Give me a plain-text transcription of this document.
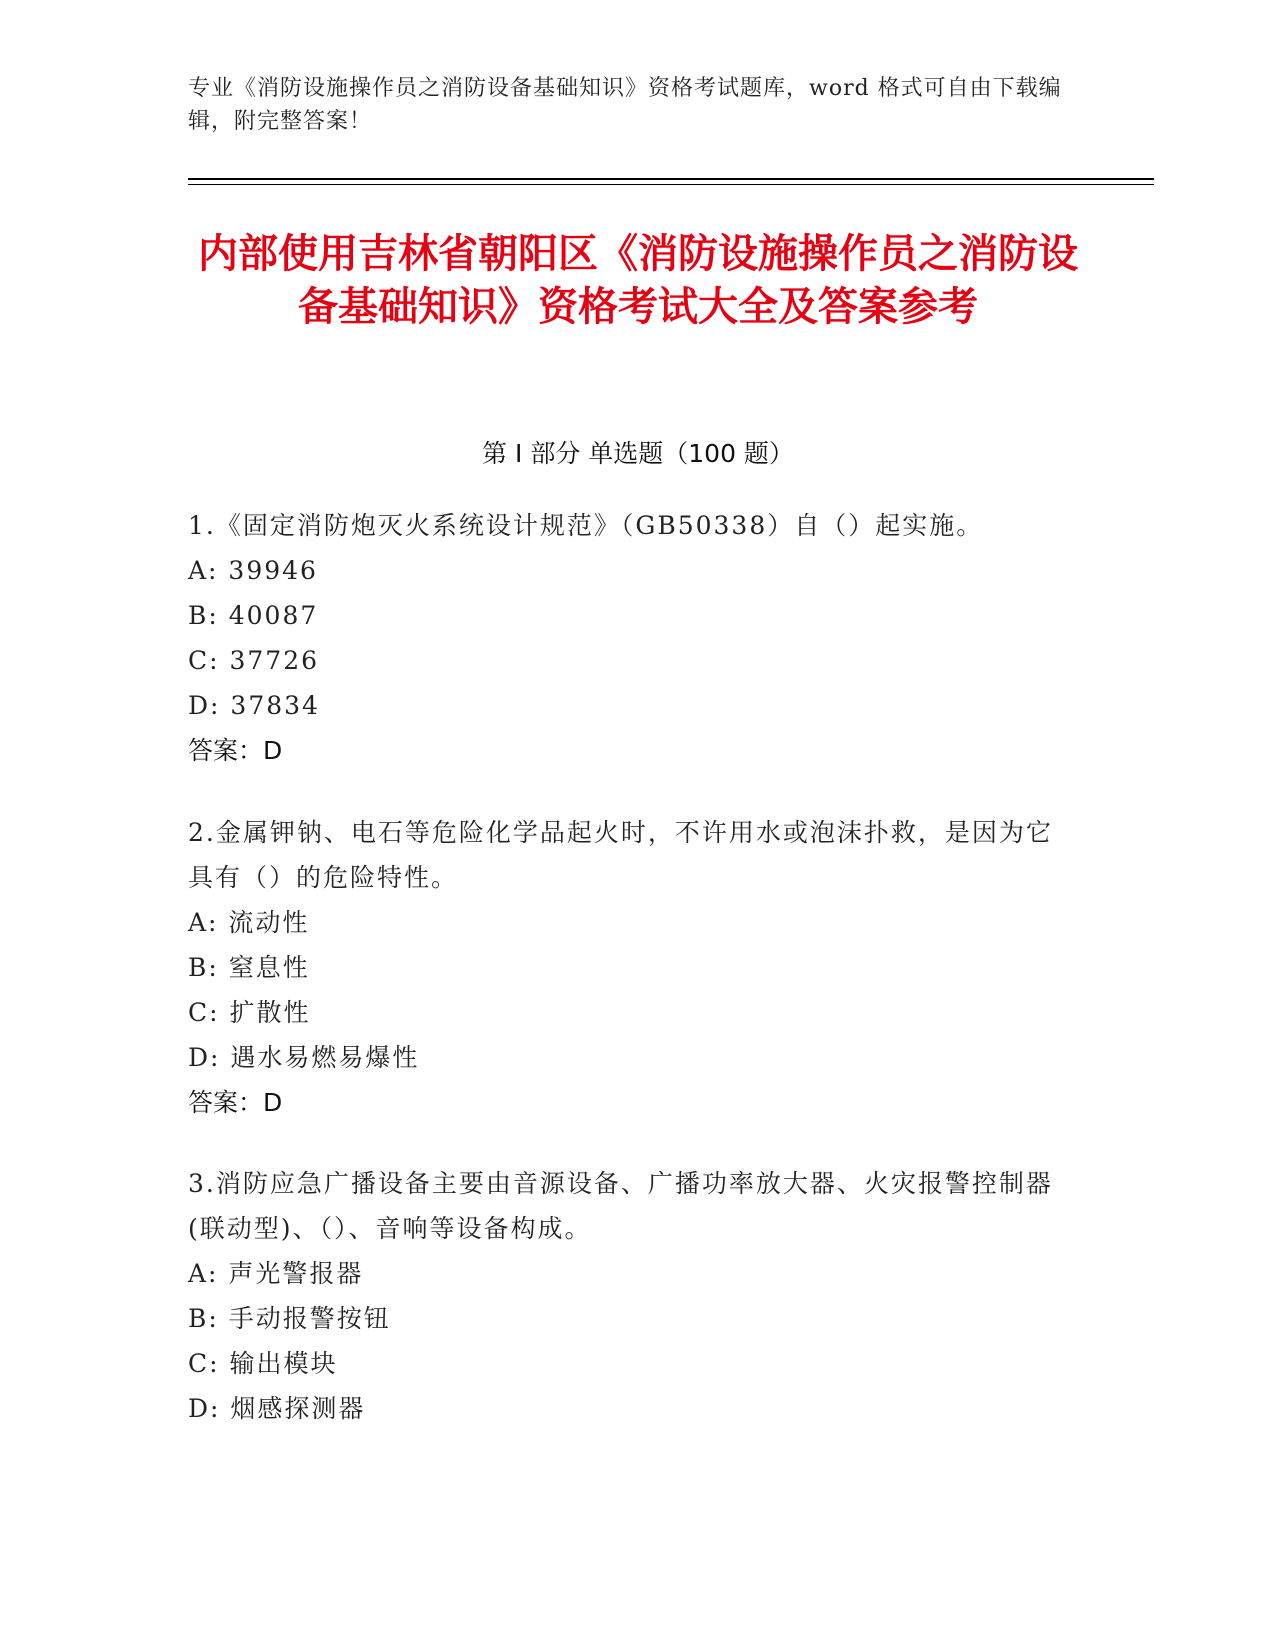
专业《消防设施操作员之消防设备基础知识》资格考试题库，word 格式可自由下载编辑，附完整答案！
内部使用吉林省朝阳区《消防设施操作员之消防设备基础知识》资格考试大全及答案参考
第 I 部分 单选题（100 题）

1.《固定消防炮灭火系统设计规范》（GB50338）自（）起实施。

A: 39946

B: 40087

C: 37726

D: 37834

答案：D

2.金属钾钠、电石等危险化学品起火时，不许用水或泡沫扑救，是因为它具有（）的危险特性。

A: 流动性

B: 窒息性

C: 扩散性

D: 遇水易燃易爆性

答案：D

3.消防应急广播设备主要由音源设备、广播功率放大器、火灾报警控制器(联动型)、（）、音响等设备构成。

A: 声光警报器

B: 手动报警按钮

C: 输出模块

D: 烟感探测器
